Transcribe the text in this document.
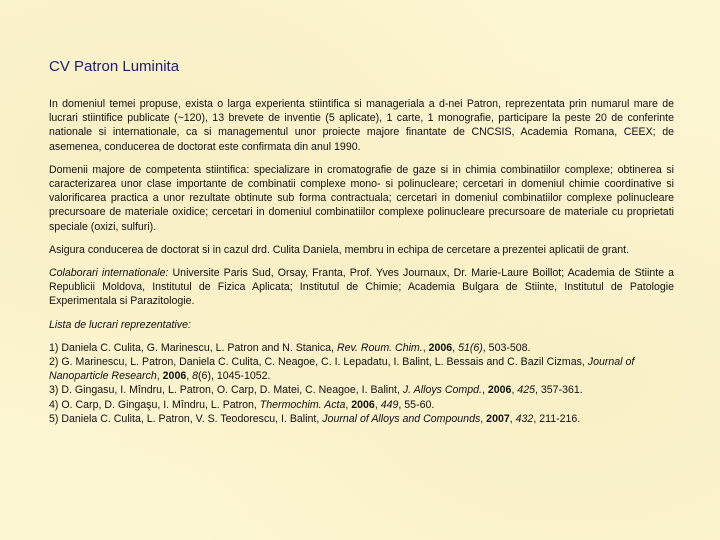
CV Patron Luminita

In domeniul temei propuse, exista o larga experienta stiintifica si manageriala a d-nei Patron, reprezentata prin numarul mare de lucrari stiintifice publicate (~120), 13 brevete de inventie (5 aplicate), 1 carte, 1 monografie, participare la peste 20 de conferinte nationale si internationale, ca si managementul unor proiecte majore finantate de CNCSIS, Academia Romana, CEEX; de asemenea, conducerea de doctorat este confirmata din anul 1990.

Domenii majore de competenta stiintifica: specializare in cromatografie de gaze si in chimia combinatiilor complexe; obtinerea si caracterizarea unor clase importante de combinatii complexe mono- si polinucleare; cercetari in domeniul chimie coordinative si valorificarea practica a unor rezultate obtinute sub forma contractuala; cercetari in domeniul combinatiilor complexe polinucleare precursoare de materiale oxidice; cercetari in domeniul combinatiilor complexe polinucleare precursoare de materiale cu proprietati speciale (oxizi, sulfuri).

Asigura conducerea de doctorat si in cazul drd. Culita Daniela, membru in echipa de cercetare a prezentei aplicatii de grant.

Colaborari internationale: Universite Paris Sud, Orsay, Franta, Prof. Yves Journaux, Dr. Marie-Laure Boillot; Academia de Stiinte a Republicii Moldova, Institutul de Fizica Aplicata; Institutul de Chimie; Academia Bulgara de Stiinte, Institutul de Patologie Experimentala si Parazitologie.

Lista de lucrari reprezentative:

1) Daniela C. Culita, G. Marinescu, L. Patron and N. Stanica, Rev. Roum. Chim., 2006, 51(6), 503-508.

2) G. Marinescu, L. Patron, Daniela C. Culita, C. Neagoe, C. I. Lepadatu, I. Balint, L. Bessais and C. Bazil Cizmas, Journal of Nanoparticle Research, 2006, 8(6), 1045-1052.

3) D. Gingasu, I. Mîndru, L. Patron, O. Carp, D. Matei, C. Neagoe, I. Balint, J. Alloys Compd., 2006, 425, 357-361.

4) O. Carp, D. Gingaşu, I. Mîndru, L. Patron, Thermochim. Acta, 2006, 449, 55-60.

5) Daniela C. Culita, L. Patron, V. S. Teodorescu, I. Balint, Journal of Alloys and Compounds, 2007, 432, 211-216.
